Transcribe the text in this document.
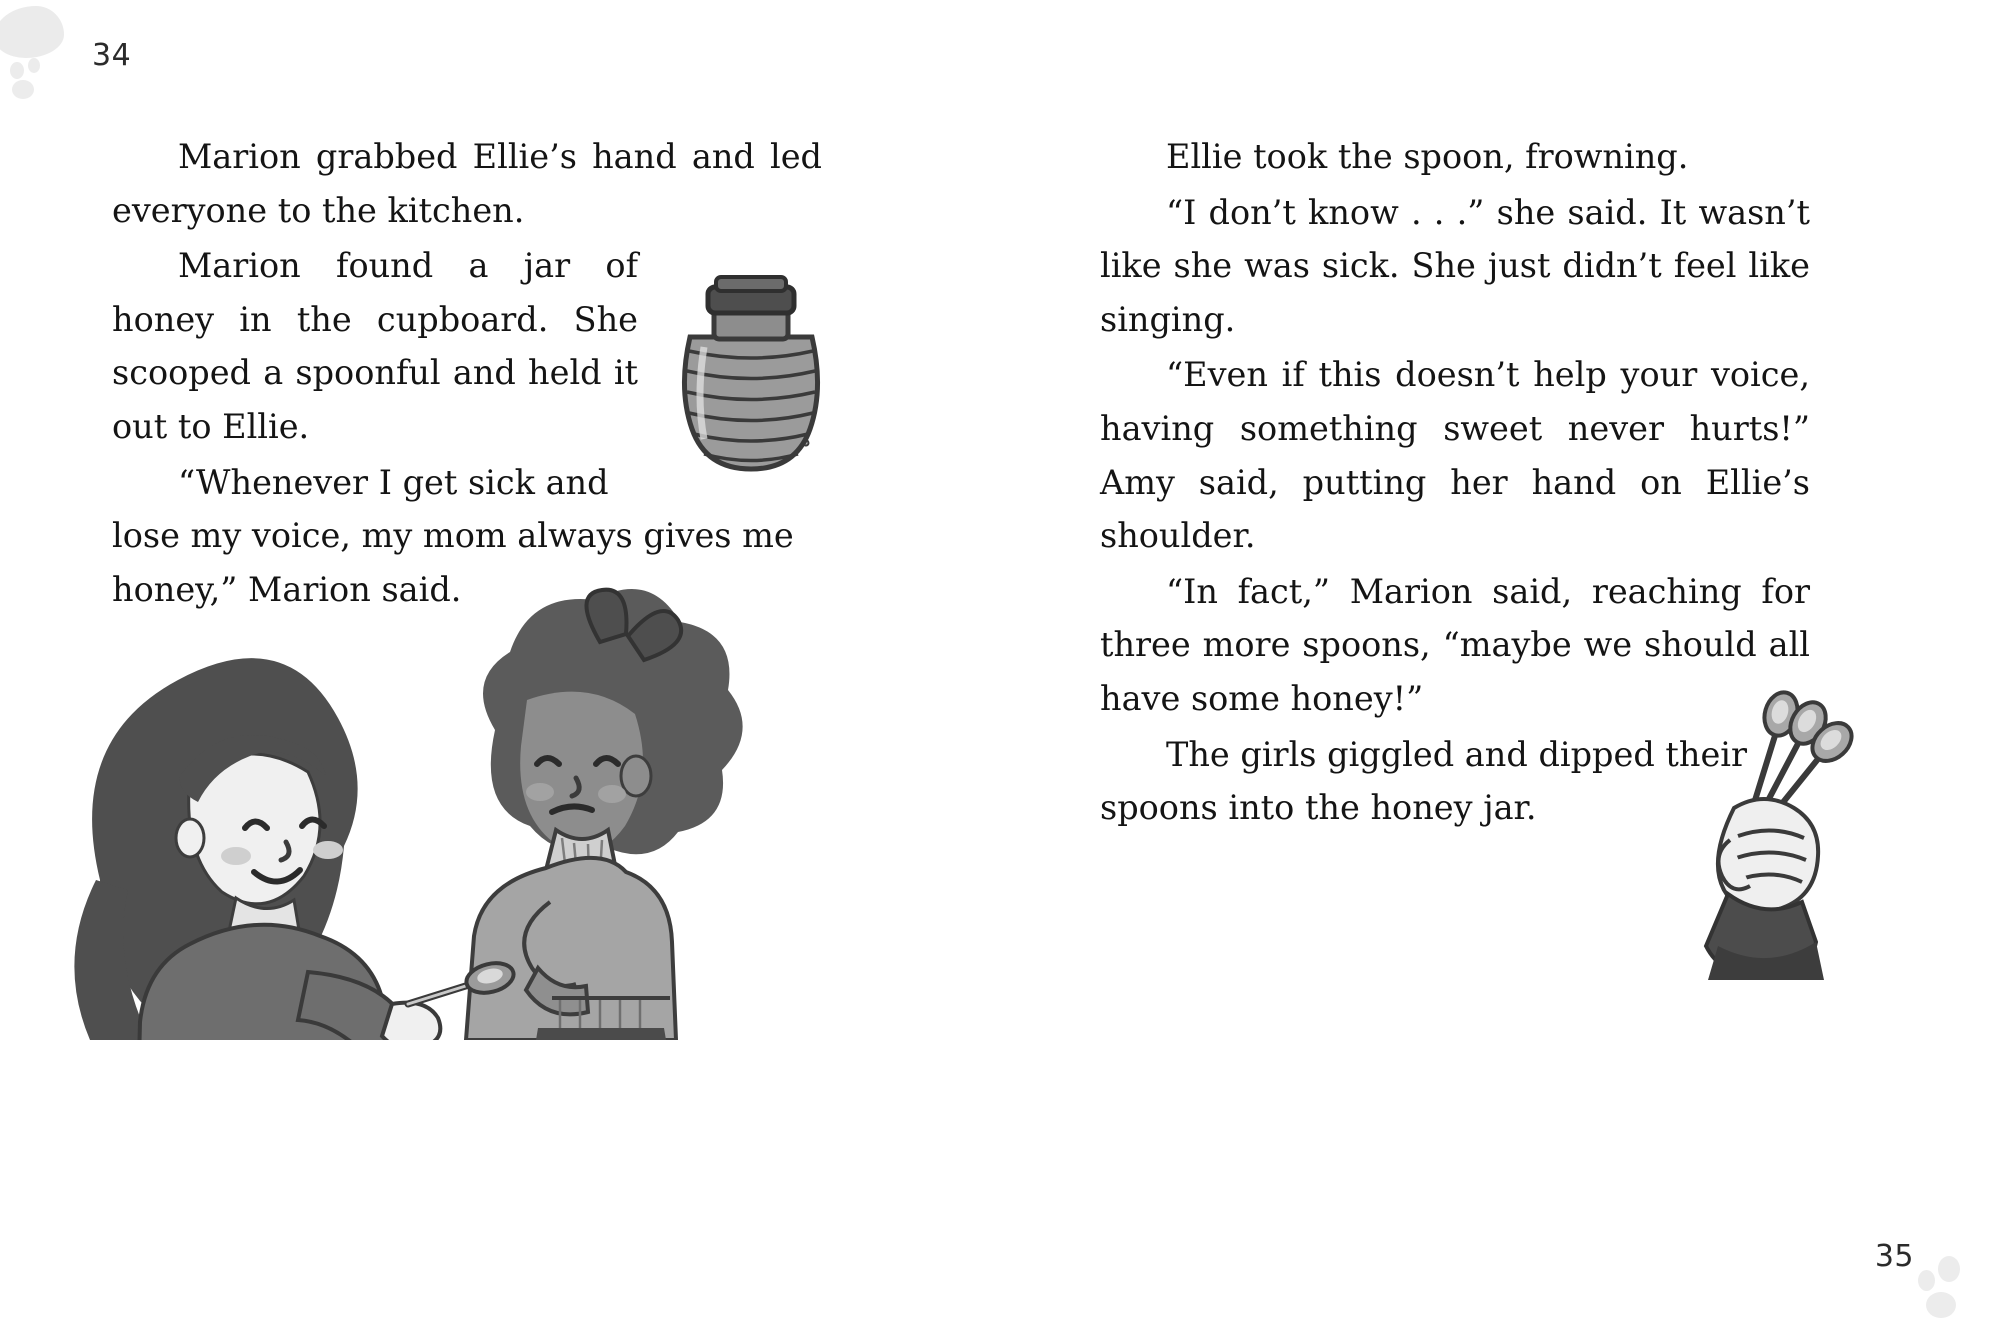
34
35

Marion grabbed Ellie’s hand and led everyone to the kitchen.

Marion found a jar of honey in the cupboard. She scooped a spoonful and held it out to Ellie.

“Whenever I get sick and lose my voice, my mom always gives me honey,” Marion said.

Ellie took the spoon, frowning.

“I don’t know . . .” she said. It wasn’t like she was sick. She just didn’t feel like singing.

“Even if this doesn’t help your voice, having something sweet never hurts!” Amy said, putting her hand on Ellie’s shoulder.

“In fact,” Marion said, reaching for three more spoons, “maybe we should all have some honey!”

The girls giggled and dipped their spoons into the honey jar.
